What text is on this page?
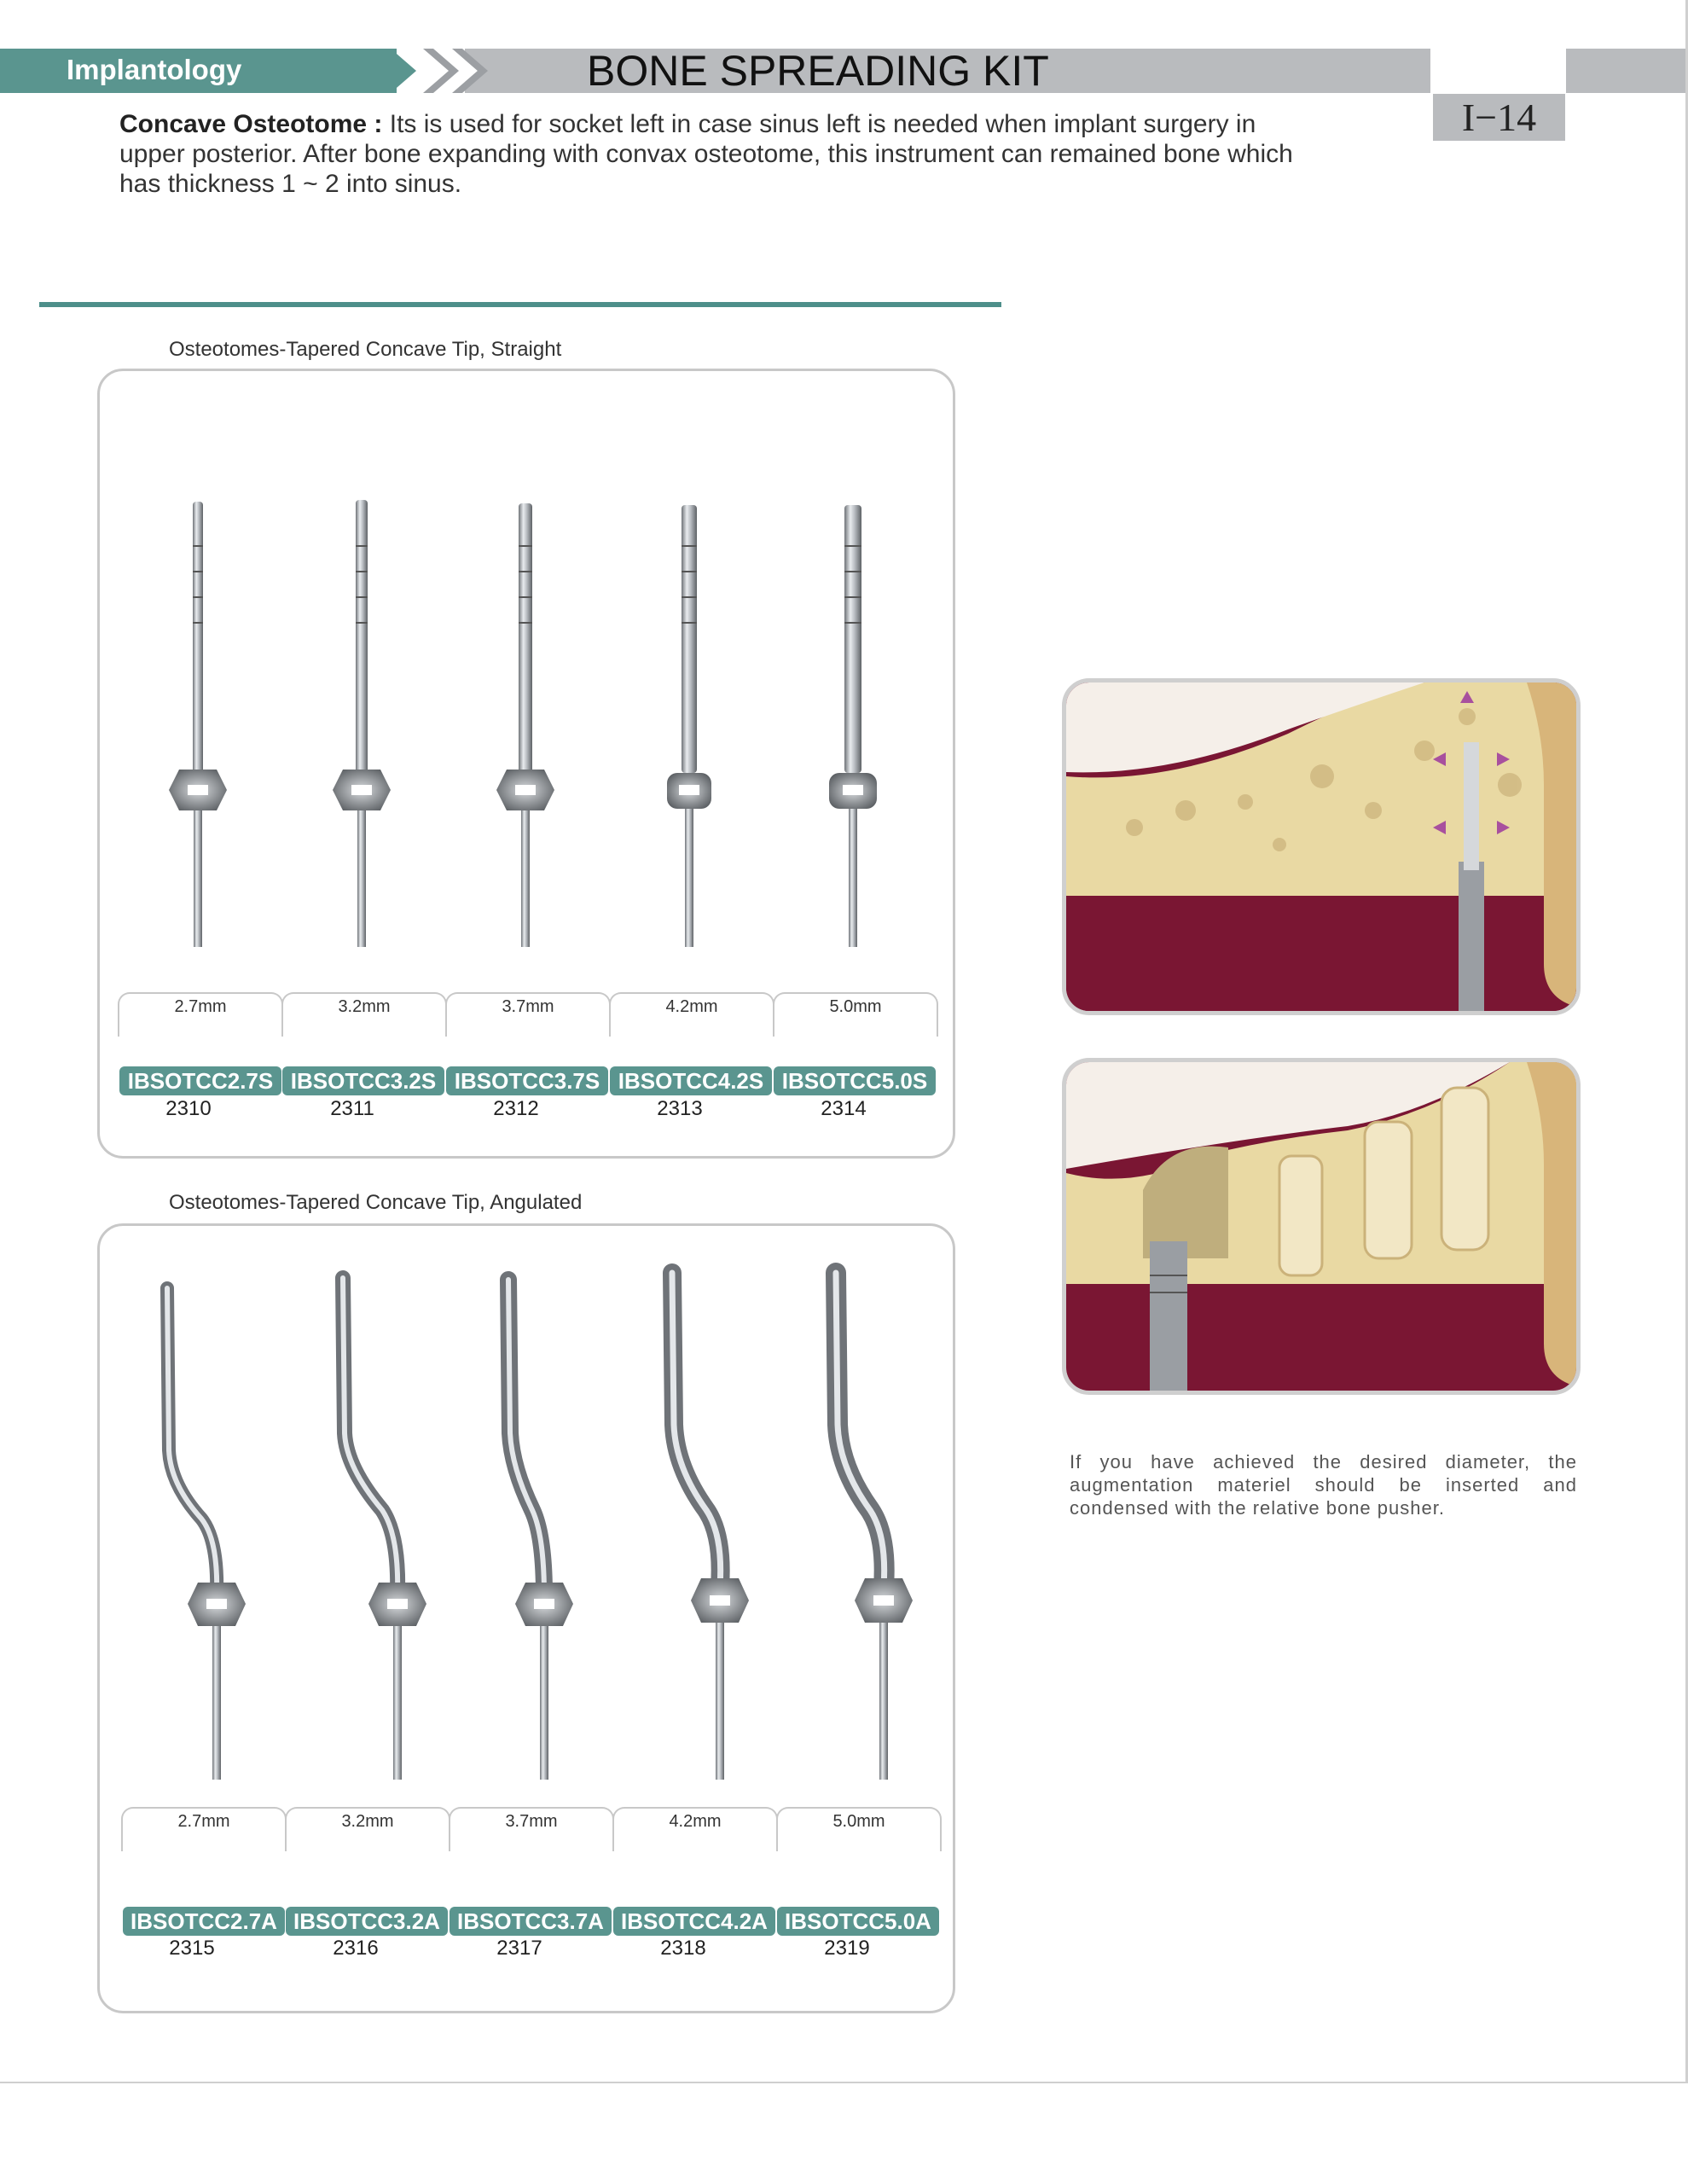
Implantology	BONE SPREADING KIT
I−14
Concave Osteotome : Its is used for socket left in case sinus left is needed when implant surgery in upper posterior. After bone expanding with convax osteotome, this instrument can remained bone which has thickness 1 ~ 2 into sinus.
Osteotomes-Tapered Concave Tip, Straight
2.7mm	3.2mm	3.7mm	4.2mm	5.0mm
IBSOTCC2.7S IBSOTCC3.2S IBSOTCC3.7S IBSOTCC4.2S IBSOTCC5.0S
2310	2311	2312	2313	2314
Osteotomes-Tapered Concave Tip, Angulated
2.7mm	3.2mm	3.7mm	4.2mm	5.0mm
IBSOTCC2.7A IBSOTCC3.2A IBSOTCC3.7A IBSOTCC4.2A IBSOTCC5.0A
2315	2316	2317	2318	2319
If you have achieved the desired diameter, the augmentation materiel should be inserted and condensed with the relative bone pusher.
